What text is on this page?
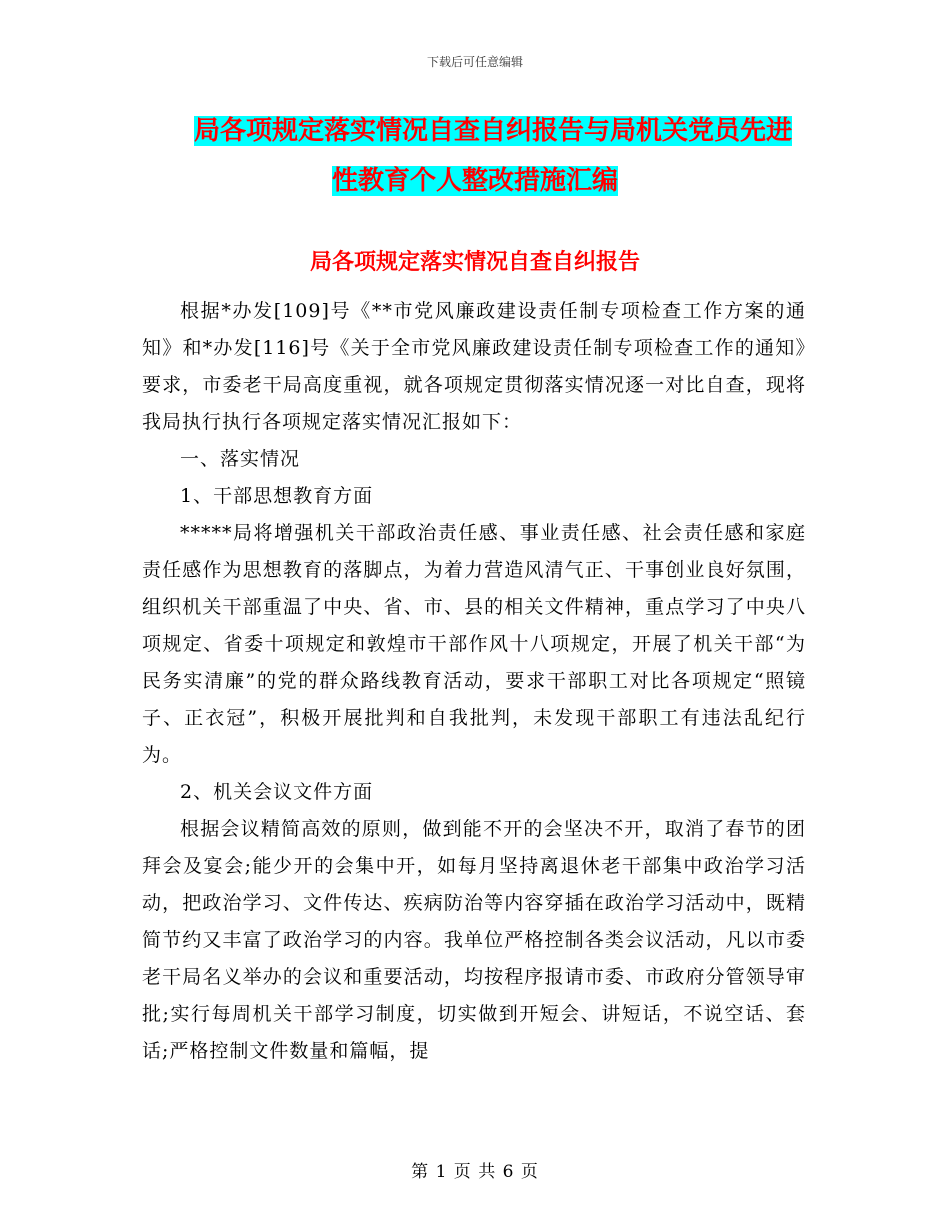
下载后可任意编辑
局各项规定落实情况自查自纠报告与局机关党员先进
性教育个人整改措施汇编
局各项规定落实情况自查自纠报告

根据*办发[109]号《**市党风廉政建设责任制专项检查工作方案的通知》和*办发[116]号《关于全市党风廉政建设责任制专项检查工作的通知》要求，市委老干局高度重视，就各项规定贯彻落实情况逐一对比自查，现将我局执行执行各项规定落实情况汇报如下：

一、落实情况

1、干部思想教育方面

*****局将增强机关干部政治责任感、事业责任感、社会责任感和家庭责任感作为思想教育的落脚点，为着力营造风清气正、干事创业良好氛围，组织机关干部重温了中央、省、市、县的相关文件精神，重点学习了中央八项规定、省委十项规定和敦煌市干部作风十八项规定，开展了机关干部“为民务实清廉”的党的群众路线教育活动，要求干部职工对比各项规定“照镜子、正衣冠”，积极开展批判和自我批判，未发现干部职工有违法乱纪行为。

2、机关会议文件方面

根据会议精简高效的原则，做到能不开的会坚决不开，取消了春节的团拜会及宴会;能少开的会集中开，如每月坚持离退休老干部集中政治学习活动，把政治学习、文件传达、疾病防治等内容穿插在政治学习活动中，既精简节约又丰富了政治学习的内容。我单位严格控制各类会议活动，凡以市委老干局名义举办的会议和重要活动，均按程序报请市委、市政府分管领导审批;实行每周机关干部学习制度，切实做到开短会、讲短话，不说空话、套话;严格控制文件数量和篇幅，提

第 1 页 共 6 页
